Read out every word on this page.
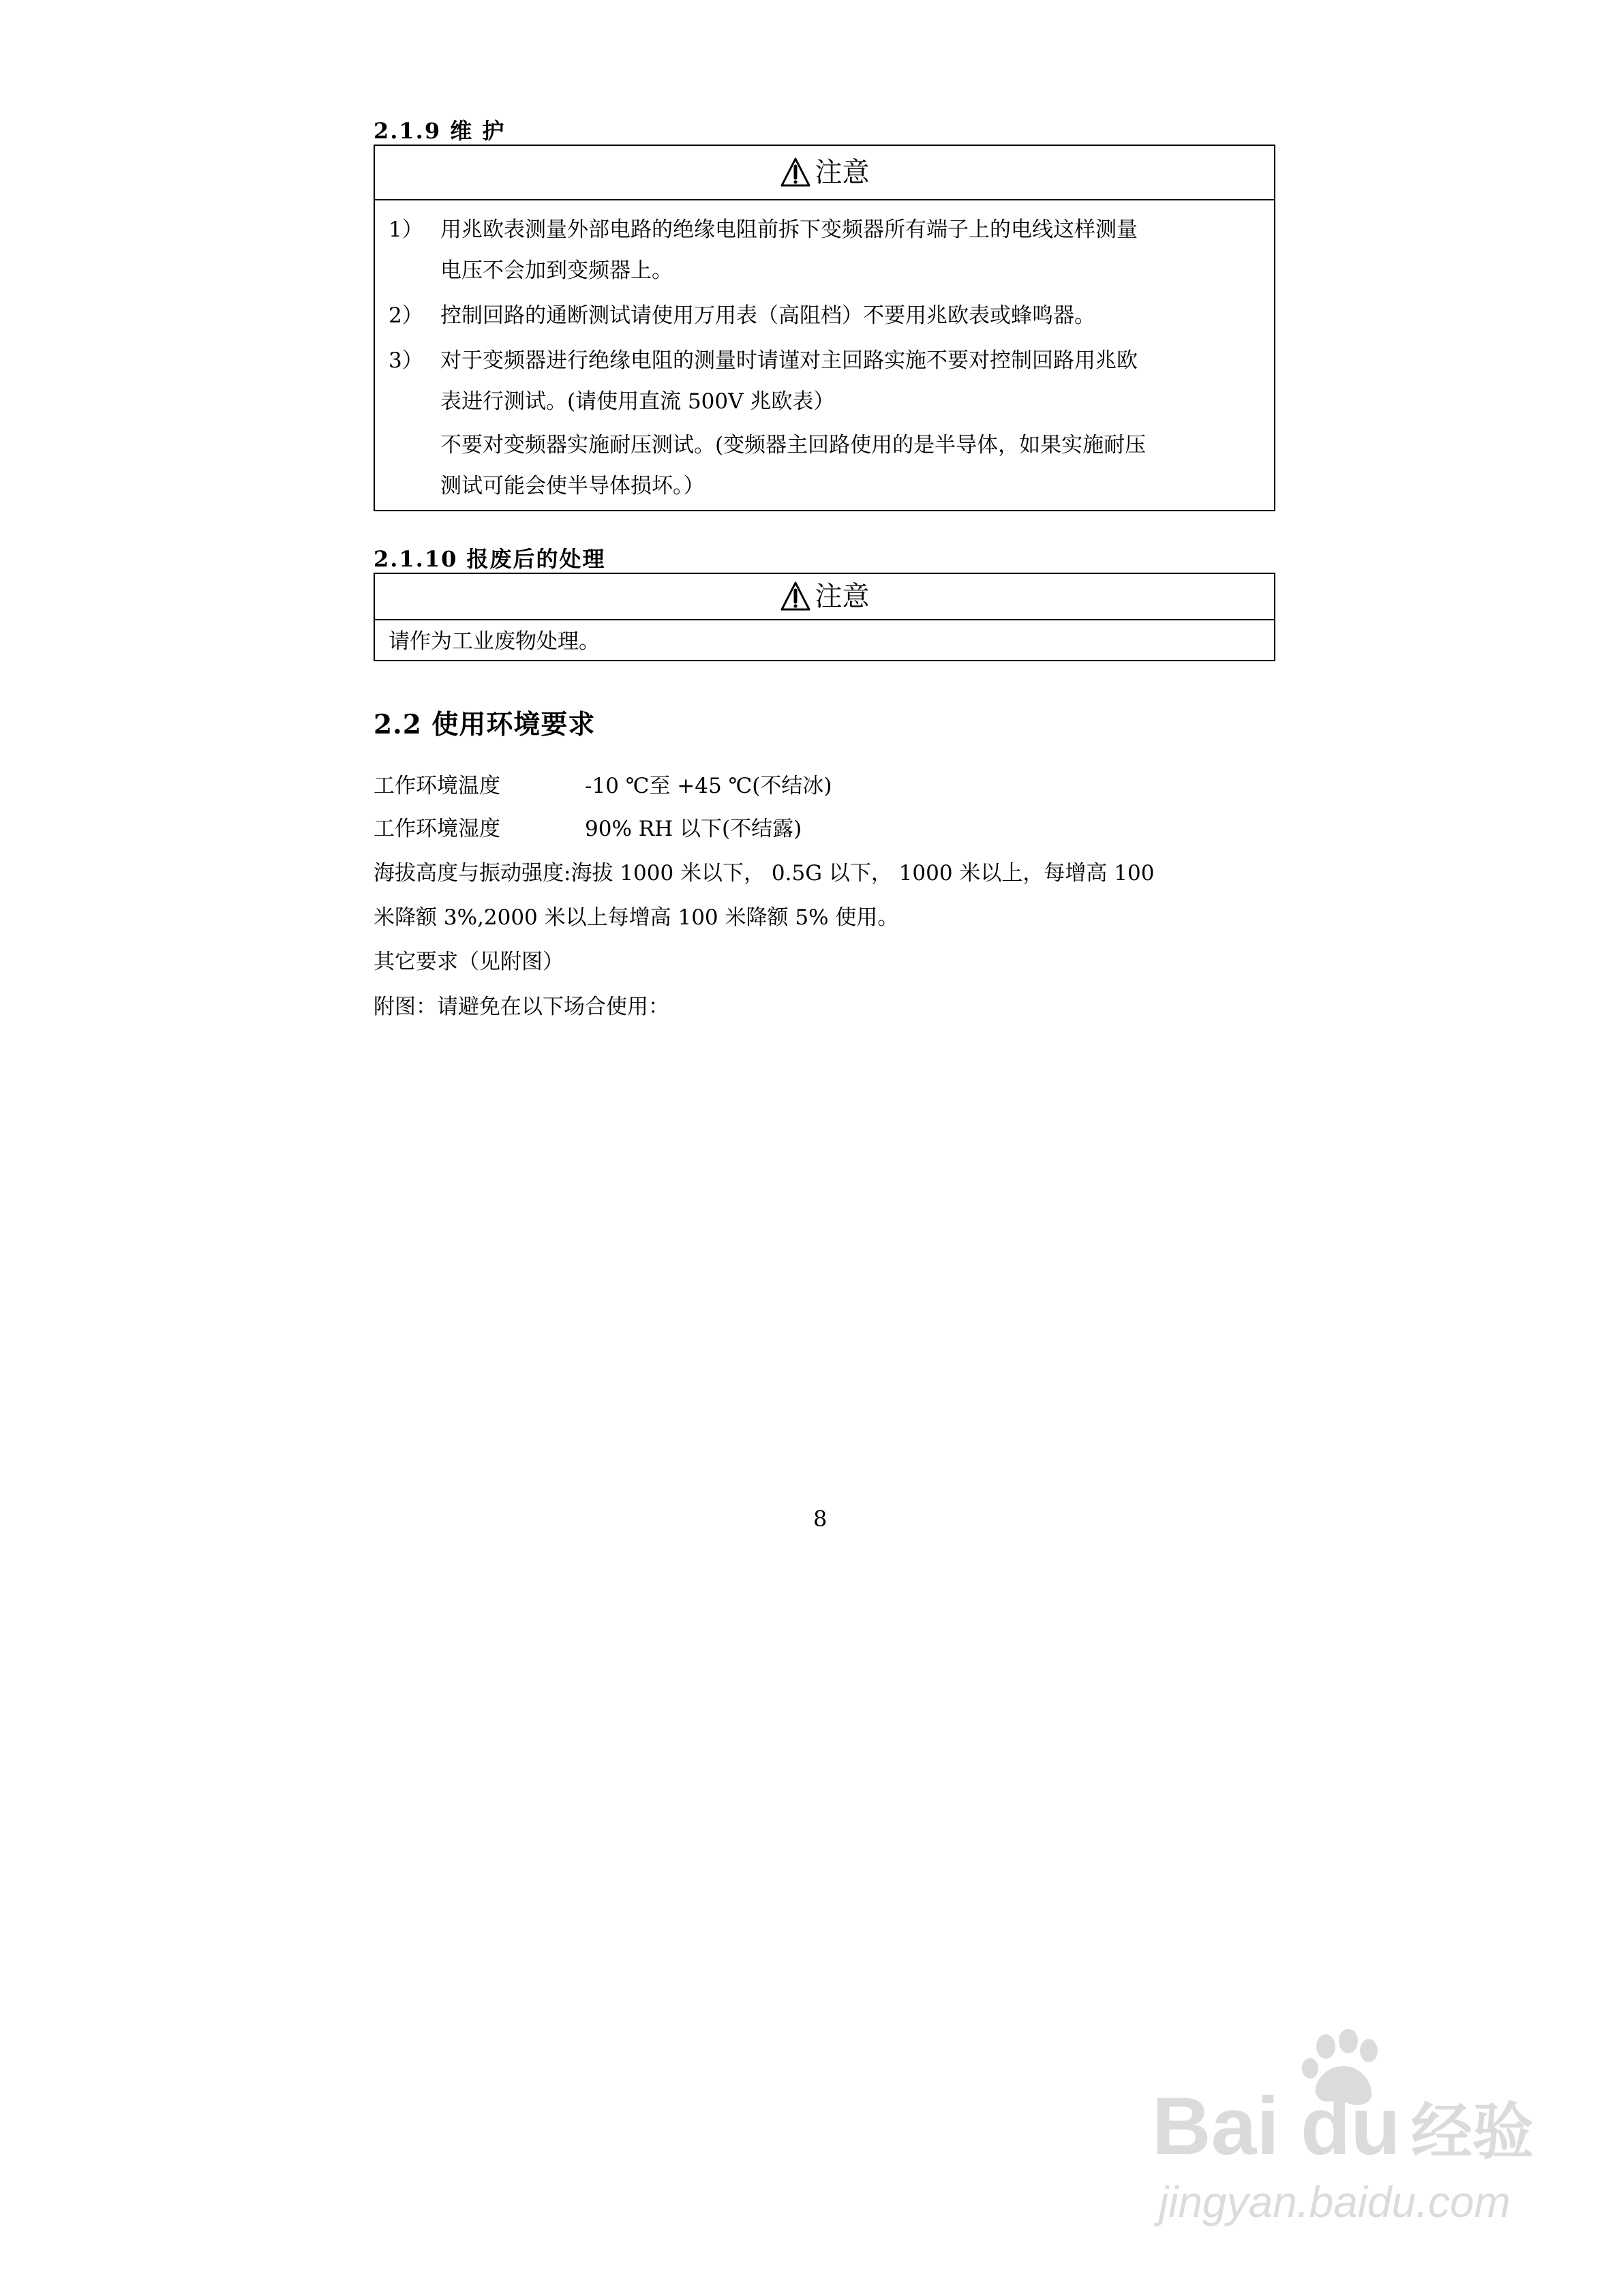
2.1.9 维 护
注意
1） 用兆欧表测量外部电路的绝缘电阻前拆下变频器所有端子上的电线这样测量
电压不会加到变频器上。
2） 控制回路的通断测试请使用万用表（高阻档）不要用兆欧表或蜂鸣器。
3） 对于变频器进行绝缘电阻的测量时请谨对主回路实施不要对控制回路用兆欧
表进行测试。(请使用直流 500V 兆欧表）
不要对变频器实施耐压测试。(变频器主回路使用的是半导体，如果实施耐压
测试可能会使半导体损坏。）
2.1.10 报废后的处理
注意
请作为工业废物处理。
2.2 使用环境要求
工作环境温度	-10 ℃至 +45 ℃(不结冰)
工作环境湿度	90% RH 以下(不结露)
海拔高度与振动强度:海拔 1000 米以下， 0.5G 以下， 1000 米以上，每增高 100
米降额 3%,2000 米以上每增高 100 米降额 5% 使用。
其它要求（见附图）
附图：请避免在以下场合使用：
8
Bai du 经验
jingyan.baidu.com
